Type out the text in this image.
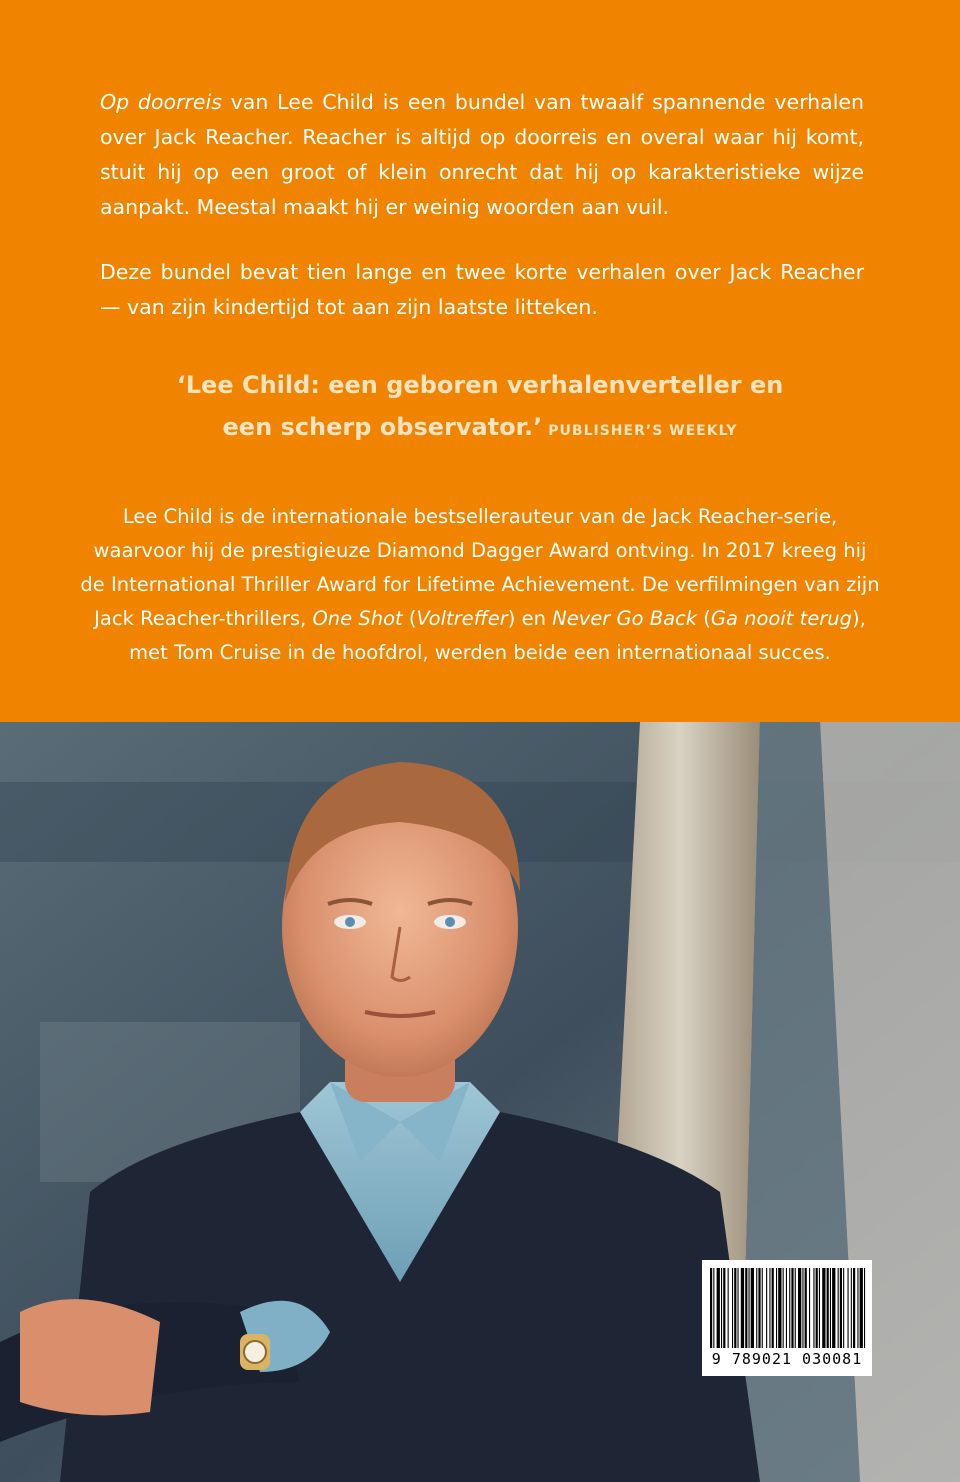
Op doorreis van Lee Child is een bundel van twaalf spannende verhalen over Jack Reacher. Reacher is altijd op doorreis en overal waar hij komt, stuit hij op een groot of klein onrecht dat hij op karakteristieke wijze aanpakt. Meestal maakt hij er weinig woorden aan vuil.

Deze bundel bevat tien lange en twee korte verhalen over Jack Reacher — van zijn kindertijd tot aan zijn laatste litteken.

‘Lee Child: een geboren verhalenverteller en

een scherp observator.’ PUBLISHER’S WEEKLY

Lee Child is de internationale bestsellerauteur van de Jack Reacher-serie, waarvoor hij de prestigieuze Diamond Dagger Award ontving. In 2017 kreeg hij de International Thriller Award for Lifetime Achievement. De verfilmingen van zijn Jack Reacher-thrillers, One Shot (Voltreffer) en Never Go Back (Ga nooit terug), met Tom Cruise in de hoofdrol, werden beide een internationaal succes.

9 789021 030081
